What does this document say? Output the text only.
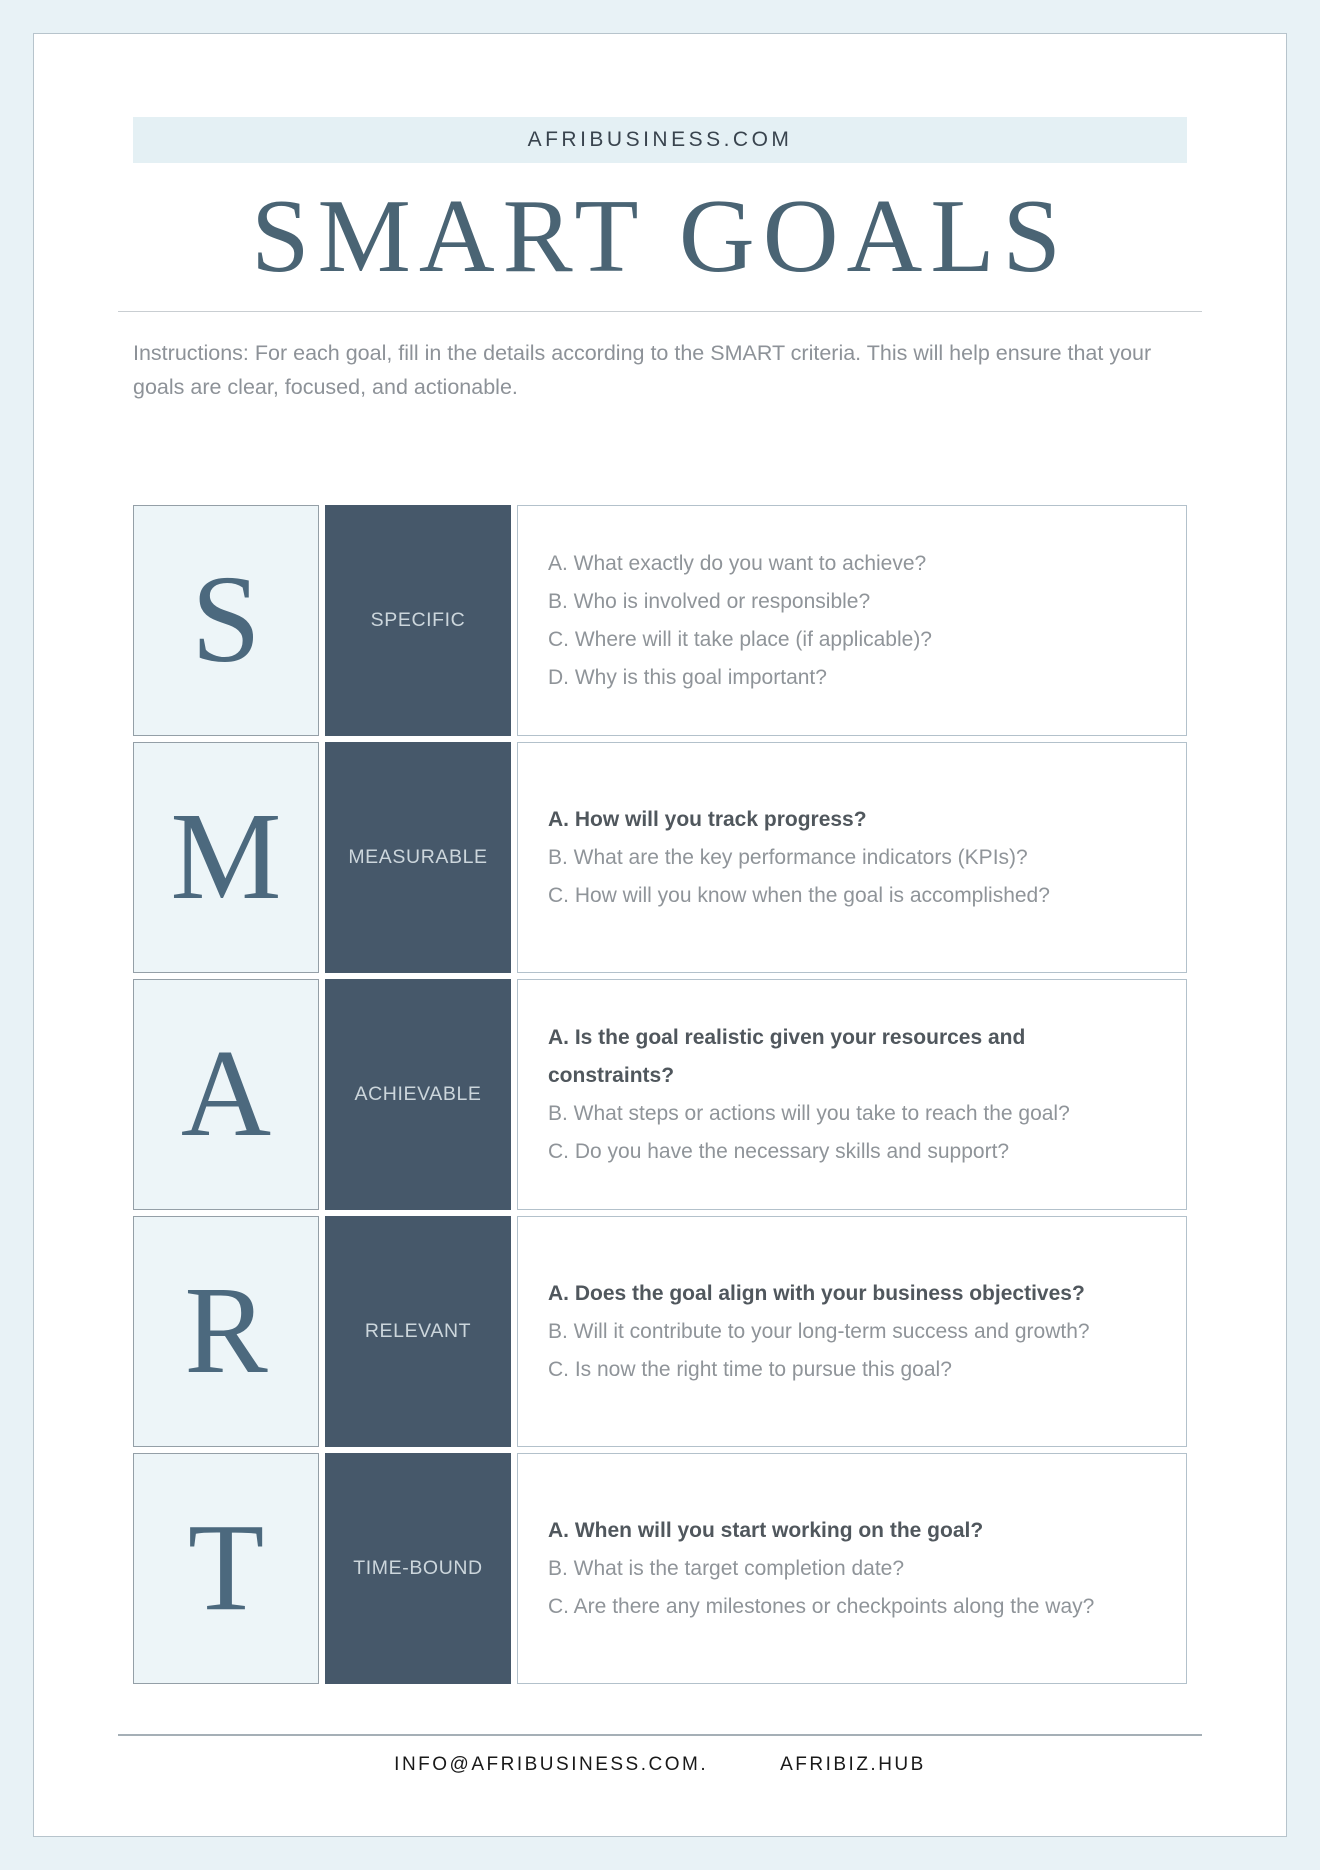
AFRIBUSINESS.COM
SMART GOALS

Instructions: For each goal, fill in the details according to the SMART criteria. This will help ensure that your goals are clear, focused, and actionable.

S	SPECIFIC

A. What exactly do you want to achieve?

B. Who is involved or responsible?

C. Where will it take place (if applicable)?

D. Why is this goal important?

M	MEASURABLE

A. How will you track progress?

B. What are the key performance indicators (KPIs)?

C. How will you know when the goal is accomplished?

A	ACHIEVABLE

A. Is the goal realistic given your resources and constraints?

B. What steps or actions will you take to reach the goal?

C. Do you have the necessary skills and support?

R	RELEVANT

A. Does the goal align with your business objectives?

B. Will it contribute to your long-term success and growth?

C. Is now the right time to pursue this goal?

T	TIME-BOUND

A. When will you start working on the goal?

B. What is the target completion date?

C. Are there any milestones or checkpoints along the way?

INFO@AFRIBUSINESS.COM.	AFRIBIZ.HUB
